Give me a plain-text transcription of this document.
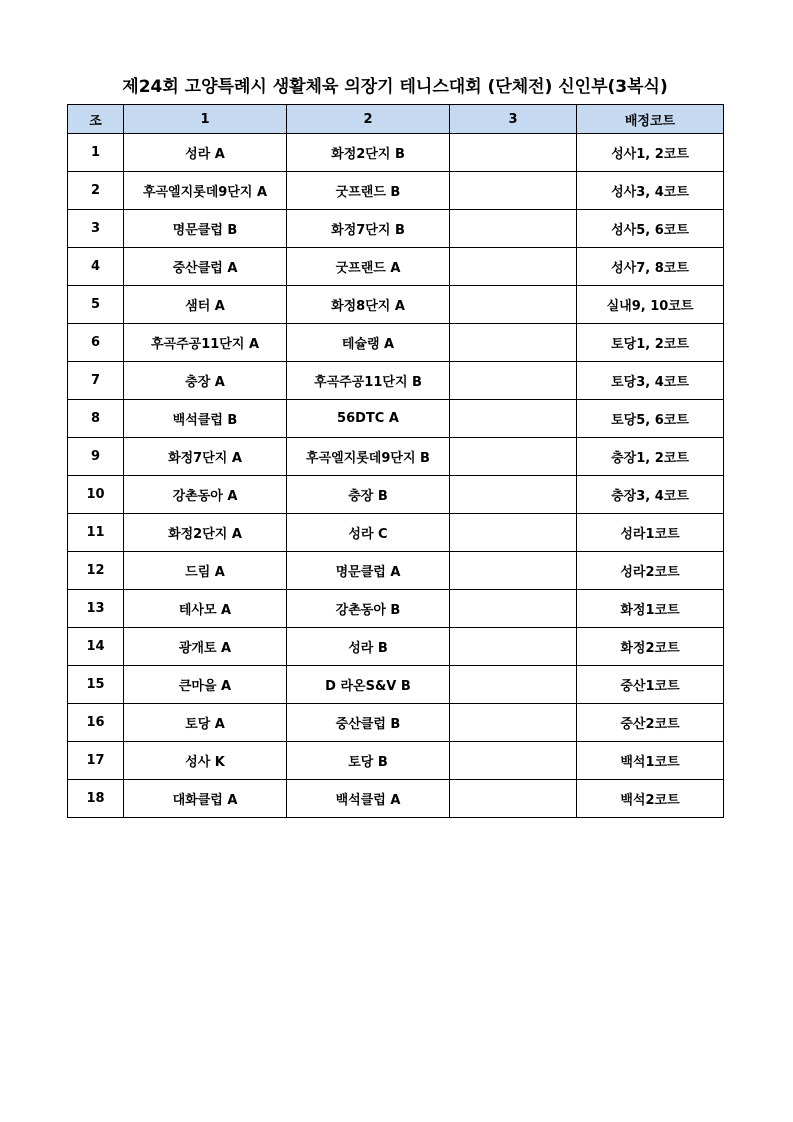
제24회 고양특례시 생활체육 의장기 테니스대회 (단체전) 신인부(3복식)
조	1	2	3	배정코트
1	성라 A	화정2단지 B		성사1, 2코트
2	후곡엘지롯데9단지 A	굿프랜드 B		성사3, 4코트
3	명문클럽 B	화정7단지 B		성사5, 6코트
4	중산클럽 A	굿프랜드 A		성사7, 8코트
5	샘터 A	화정8단지 A		실내9, 10코트
6	후곡주공11단지 A	테슐랭 A		토당1, 2코트
7	충장 A	후곡주공11단지 B		토당3, 4코트
8	백석클럽 B	56DTC A		토당5, 6코트
9	화정7단지 A	후곡엘지롯데9단지 B		충장1, 2코트
10	강촌동아 A	충장 B		충장3, 4코트
11	화정2단지 A	성라 C		성라1코트
12	드림 A	명문클럽 A		성라2코트
13	테사모 A	강촌동아 B		화정1코트
14	광개토 A	성라 B		화정2코트
15	큰마을 A	D 라온S&V B		중산1코트
16	토당 A	중산클럽 B		중산2코트
17	성사 K	토당 B		백석1코트
18	대화클럽 A	백석클럽 A		백석2코트
